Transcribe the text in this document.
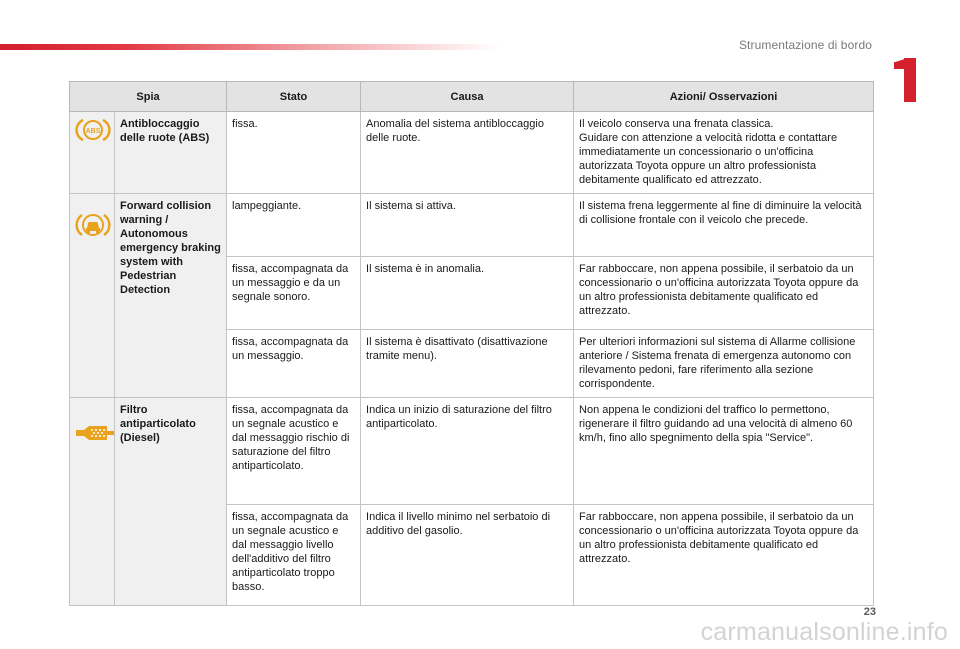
Strumentazione di bordo
Spia		Stato	Causa	Azioni/ Osservazioni

ABS	Antibloccaggio delle ruote (ABS)	fissa.	Anomalia del sistema antibloccaggio delle ruote.	Il veicolo conserva una frenata classica.
Guidare con attenzione a velocità ridotta e contattare immediatamente un concessionario o un'officina autorizzata Toyota oppure un altro professionista debitamente qualificato ed attrezzato.
	Forward collision warning / Autonomous emergency braking system with Pedestrian Detection	lampeggiante.	Il sistema si attiva.	Il sistema frena leggermente al fine di diminuire la velocità di collisione frontale con il veicolo che precede.
		fissa, accompagnata da un messaggio e da un segnale sonoro.	Il sistema è in anomalia.	Far rabboccare, non appena possibile, il serbatoio da un concessionario o un'officina autorizzata Toyota oppure da un altro professionista debitamente qualificato ed attrezzato.
		fissa, accompagnata da un messaggio.	Il sistema è disattivato (disattivazione tramite menu).	Per ulteriori informazioni sul sistema di Allarme collisione anteriore / Sistema frenata di emergenza autonomo con rilevamento pedoni, fare riferimento alla sezione corrispondente.
	Filtro antiparticolato (Diesel)	fissa, accompagnata da un segnale acustico e dal messaggio rischio di saturazione del filtro antiparticolato.	Indica un inizio di saturazione del filtro antiparticolato.	Non appena le condizioni del traffico lo permettono, rigenerare il filtro guidando ad una velocità di almeno 60 km/h, fino allo spegnimento della spia "Service".
		fissa, accompagnata da un segnale acustico e dal messaggio livello dell'additivo del filtro antiparticolato troppo basso.	Indica il livello minimo nel serbatoio di additivo del gasolio.	Far rabboccare, non appena possibile, il serbatoio da un concessionario o un'officina autorizzata Toyota oppure da un altro professionista debitamente qualificato ed attrezzato.
23
carmanualsonline.info
